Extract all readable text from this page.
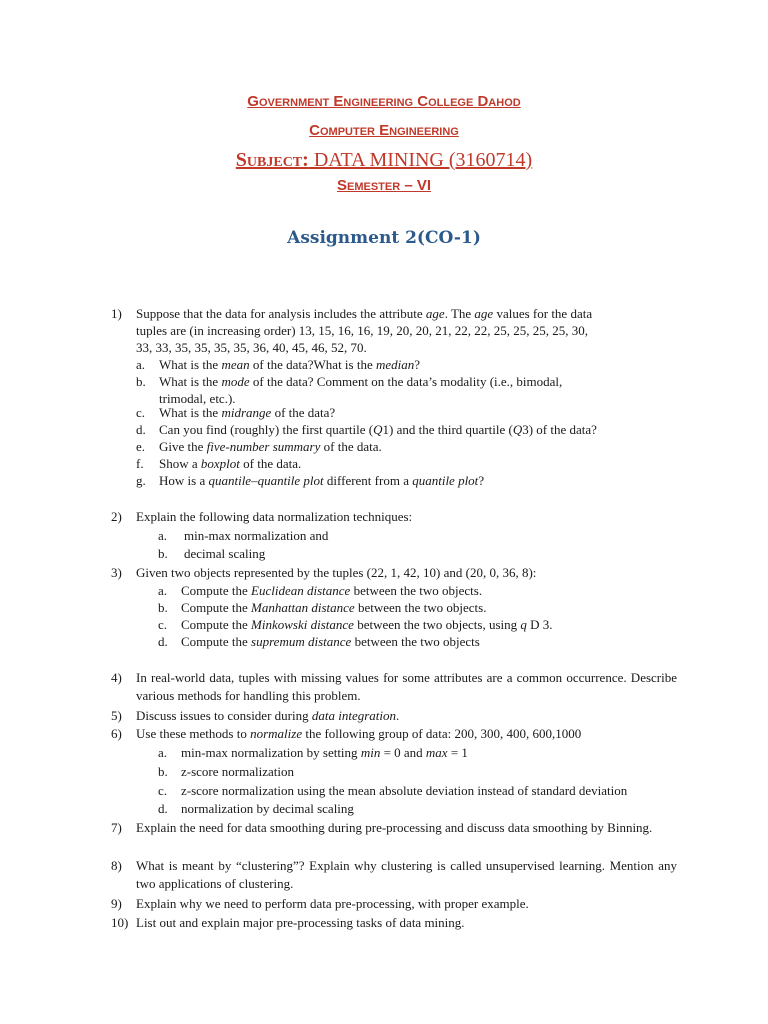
Government Engineering College Dahod
Computer Engineering
Subject: DATA MINING (3160714)
Semester – VI
Assignment 2(CO-1)
1)	Suppose that the data for analysis includes the attribute age. The age values for the data
tuples are (in increasing order) 13, 15, 16, 16, 19, 20, 20, 21, 22, 22, 25, 25, 25, 25, 30,
33, 33, 35, 35, 35, 35, 36, 40, 45, 46, 52, 70.
a. What is the mean of the data?What is the median?
b. What is the mode of the data? Comment on the data’s modality (i.e., bimodal,
trimodal, etc.).
c. What is the midrange of the data?
d. Can you find (roughly) the first quartile (Q1) and the third quartile (Q3) of the data?
e. Give the five-number summary of the data.
f. Show a boxplot of the data.
g. How is a quantile–quantile plot different from a quantile plot?
2)	Explain the following data normalization techniques:
a. min-max normalization and
b. decimal scaling
3)	Given two objects represented by the tuples (22, 1, 42, 10) and (20, 0, 36, 8):
a. Compute the Euclidean distance between the two objects.
b. Compute the Manhattan distance between the two objects.
c. Compute the Minkowski distance between the two objects, using q D 3.
d. Compute the supremum distance between the two objects
4)	In real-world data, tuples with missing values for some attributes are a common occurrence. Describe various methods for handling this problem.
5)	Discuss issues to consider during data integration.
6)	Use these methods to normalize the following group of data: 200, 300, 400, 600,1000
a. min-max normalization by setting min = 0 and max = 1
b. z-score normalization
c. z-score normalization using the mean absolute deviation instead of standard deviation
d. normalization by decimal scaling
7)	Explain the need for data smoothing during pre-processing and discuss data smoothing by Binning.
8)	What is meant by “clustering”? Explain why clustering is called unsupervised learning. Mention any two applications of clustering.
9)	Explain why we need to perform data pre-processing, with proper example.
10) List out and explain major pre-processing tasks of data mining.
